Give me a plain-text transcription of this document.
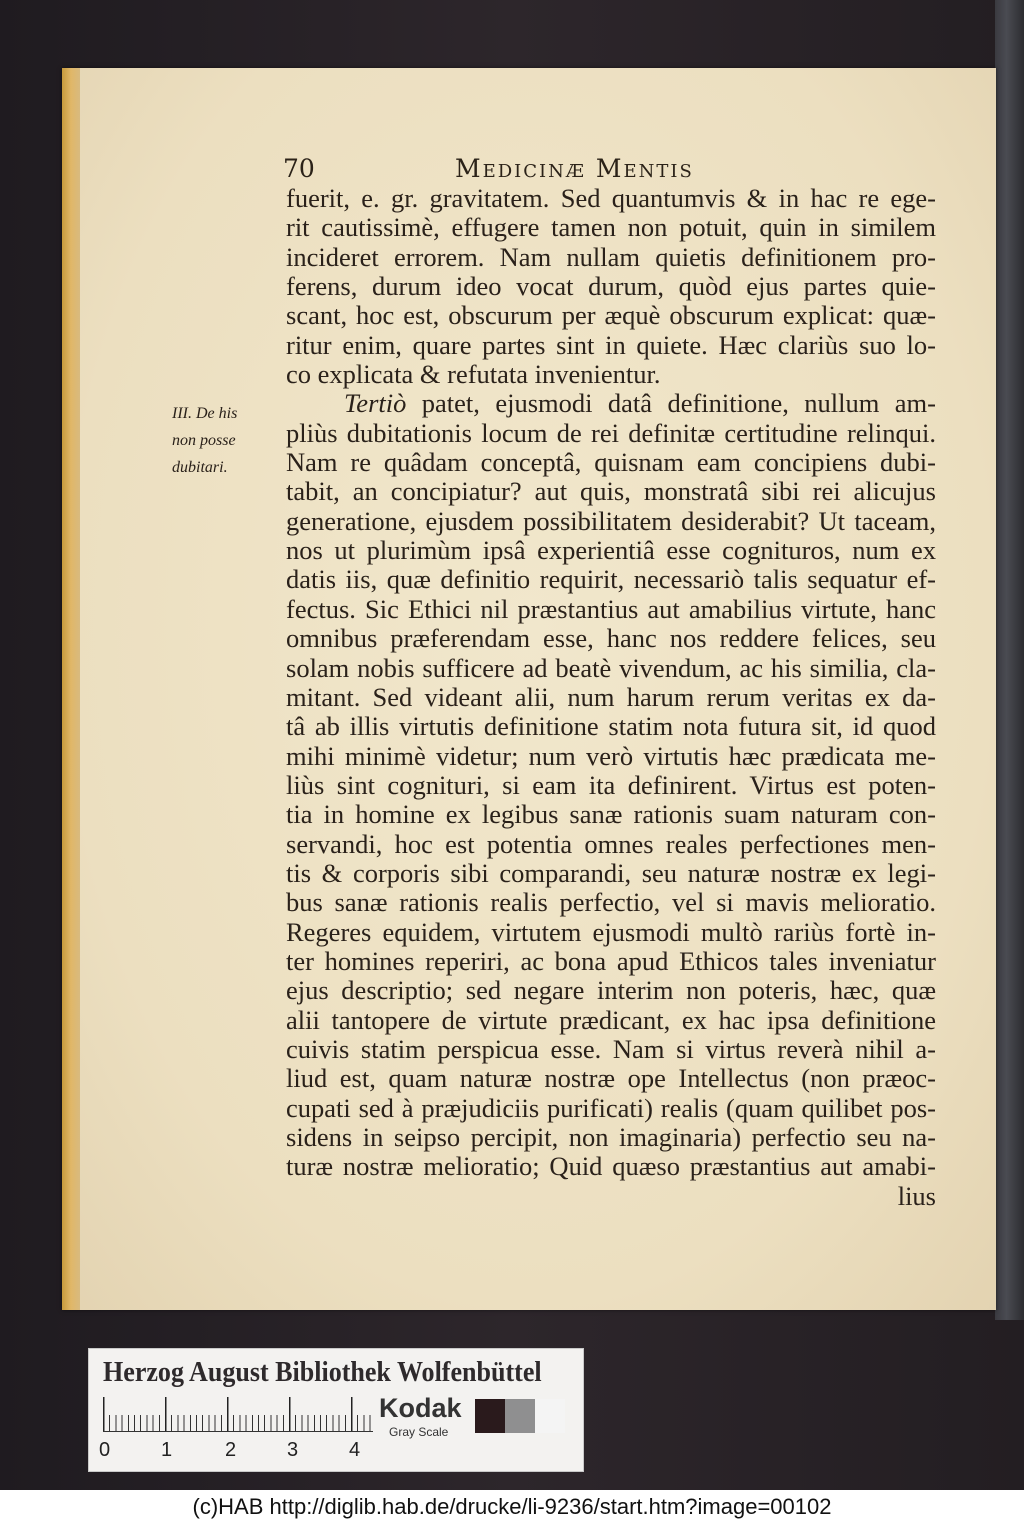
70	Medicinæ Mentis
III. De his
non posse
dubitari.
fuerit, e. gr. gravitatem. Sed quantumvis & in hac re ege-
rit cautissimè, effugere tamen non potuit, quin in similem
incideret errorem. Nam nullam quietis definitionem pro-
ferens, durum ideo vocat durum, quòd ejus partes quie-
scant, hoc est, obscurum per æquè obscurum explicat: quæ-
ritur enim, quare partes sint in quiete. Hæc clariùs suo lo-
co explicata & refutata invenientur.
Tertiò patet, ejusmodi datâ definitione, nullum am-
pliùs dubitationis locum de rei definitæ certitudine relinqui.
Nam re quâdam conceptâ, quisnam eam concipiens dubi-
tabit, an concipiatur? aut quis, monstratâ sibi rei alicujus
generatione, ejusdem possibilitatem desiderabit? Ut taceam,
nos ut plurimùm ipsâ experientiâ esse cognituros, num ex
datis iis, quæ definitio requirit, necessariò talis sequatur ef-
fectus. Sic Ethici nil præstantius aut amabilius virtute, hanc
omnibus præferendam esse, hanc nos reddere felices, seu
solam nobis sufficere ad beatè vivendum, ac his similia, cla-
mitant. Sed videant alii, num harum rerum veritas ex da-
tâ ab illis virtutis definitione statim nota futura sit, id quod
mihi minimè videtur; num verò virtutis hæc prædicata me-
liùs sint cogniturі, si eam ita definirent. Virtus est poten-
tia in homine ex legibus sanæ rationis suam naturam con-
servandi, hoc est potentia omnes reales perfectiones men-
tis & corporis sibi comparandi, seu naturæ nostræ ex legi-
bus sanæ rationis realis perfectio, vel si mavis melioratio.
Regeres equidem, virtutem ejusmodi multò rariùs fortè in-
ter homines reperiri, ac bona apud Ethicos tales inveniatur
ejus descriptio; sed negare interim non poteris, hæc, quæ
alii tantopere de virtute prædicant, ex hac ipsa definitione
cuivis statim perspicua esse. Nam si virtus reverà nihil a-
liud est, quam naturæ nostræ ope Intellectus (non præoc-
cupati sed à præjudiciis purificati) realis (quam quilibet pos-
sidens in seipso percipit, non imaginaria) perfectio seu na-
turæ nostræ melioratio; Quid quæso præstantius aut amabi-
lius
Herzog August Bibliothek Wolfenbüttel
0	1	2	3	4
Kodak
Gray Scale
(c)HAB http://diglib.hab.de/drucke/li-9236/start.htm?image=00102
